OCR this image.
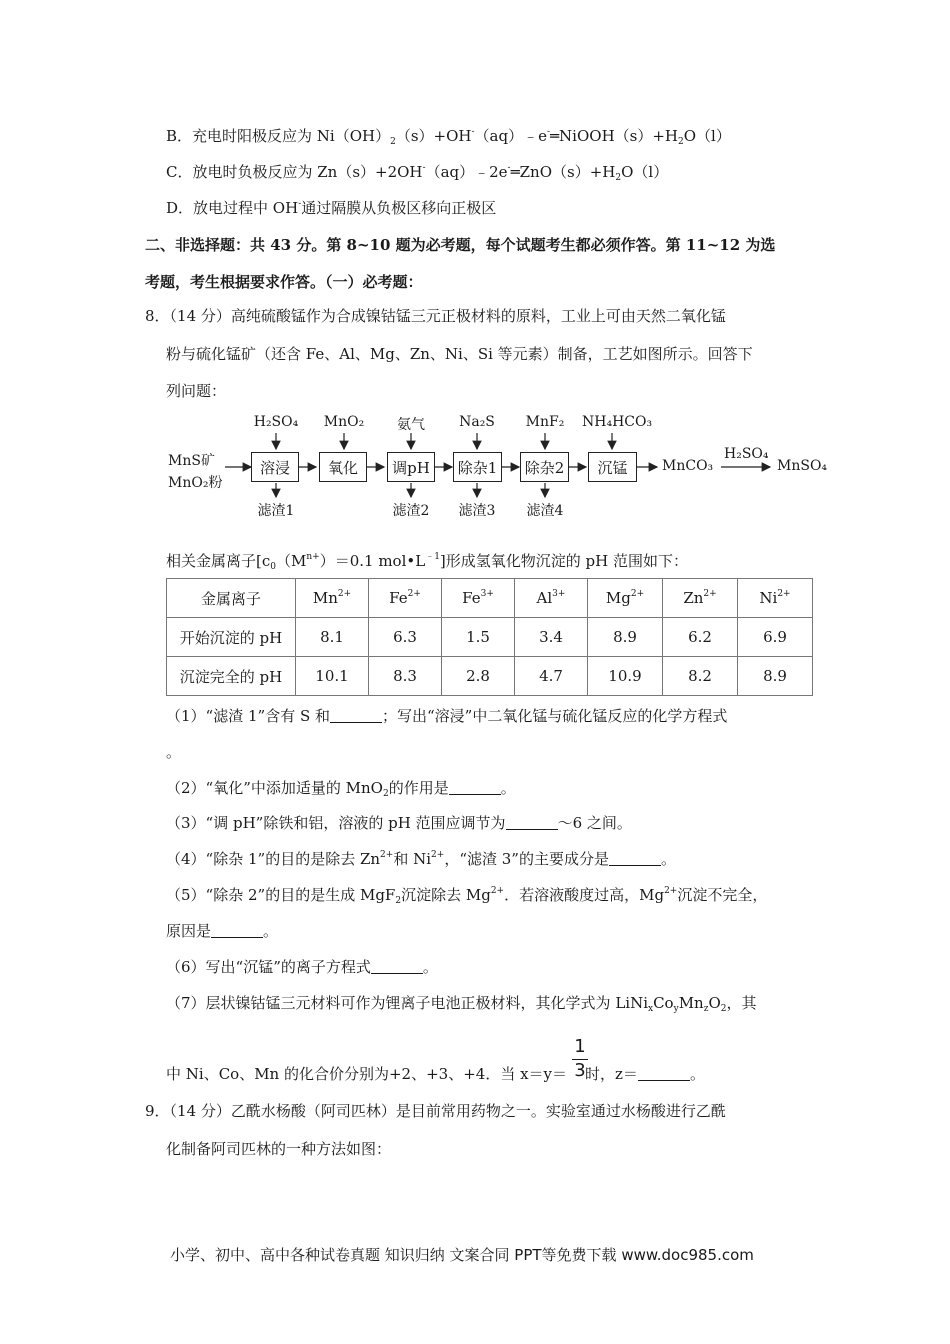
B．充电时阳极反应为 $Ni(OH)_2(s)+OH^-(aq)﹣e^-═NiOOH(s)+H_2O(l)$
C．放电时负极反应为 $Zn(s)+2OH^-(aq)﹣2e^-═ZnO(s)+H_2O(l)$
D．放电过程中 OH-通过隔膜从负极区移向正极区
二、非选择题：共 43 分。第 8~10 题为必考题，每个试题考生都必须作答。第 11~12 为选
考题，考生根据要求作答。（一）必考题：
8．（14 分）高纯硫酸锰作为合成镍钴锰三元正极材料的原料，工业上可由天然二氧化锰
粉与硫化锰矿（还含 Fe、Al、Mg、Zn、Ni、Si 等元素）制备，工艺如图所示。回答下
列问题：
MnS矿
MnO₂粉
H₂SO₄ MnO₂	氨气	Na₂S	MnF₂	NH₄HCO₃
溶浸	氧化	调pH	除杂1	除杂2	沉锰
滤渣1	滤渣2	滤渣3	滤渣4
MnCO₃
H₂SO₄
MnSO₄
相关金属离子[$c_0(M^{n+})=0.1$ $mol•L^{﹣1}$]形成氢氧化物沉淀的 pH 范围如下：
金属离子	$Mn^{2+}$	$Fe^{2+}$	$Fe^{3+}$	$Al^{3+}$	$Mg^{2+}$	$Zn^{2+}$	$Ni^{2+}$
开始沉淀的 pH	8.1	6.3	1.5	3.4	8.9	6.2	6.9
沉淀完全的 pH	10.1	8.3	2.8	4.7	10.9	8.2	8.9
（1）“滤渣 1”含有 S 和	；写出“溶浸”中二氧化锰与硫化锰反应的化学方程式
。
（2）“氧化”中添加适量的 MnO$_2$的作用是	。
（3）“调 pH”除铁和铝，溶液的 pH 范围应调节为	～6 之间。
（4）“除杂 1”的目的是除去 $Zn^{2+}$和 $Ni^{2+}$，“滤渣 3”的主要成分是	。
（5）“除杂 2”的目的是生成 MgF$_2$沉淀除去 $Mg^{2+}$．若溶液酸度过高，$Mg^{2+}$沉淀不完全，
原因是	。
（6）写出“沉锰”的离子方程式	。
（7）层状镍钴锰三元材料可作为锂离子电池正极材料，其化学式为 $LiNi_xCo_yMn_zO_2$，其
1
3
中 Ni、Co、Mn 的化合价分别为+2、+3、+4．当 x＝y＝ 时，z＝	。
9．（14 分）乙酰水杨酸（阿司匹林）是目前常用药物之一。实验室通过水杨酸进行乙酰
化制备阿司匹林的一种方法如图：
小学、初中、高中各种试卷真题 知识归纳 文案合同 PPT等免费下载 www.doc985.com
